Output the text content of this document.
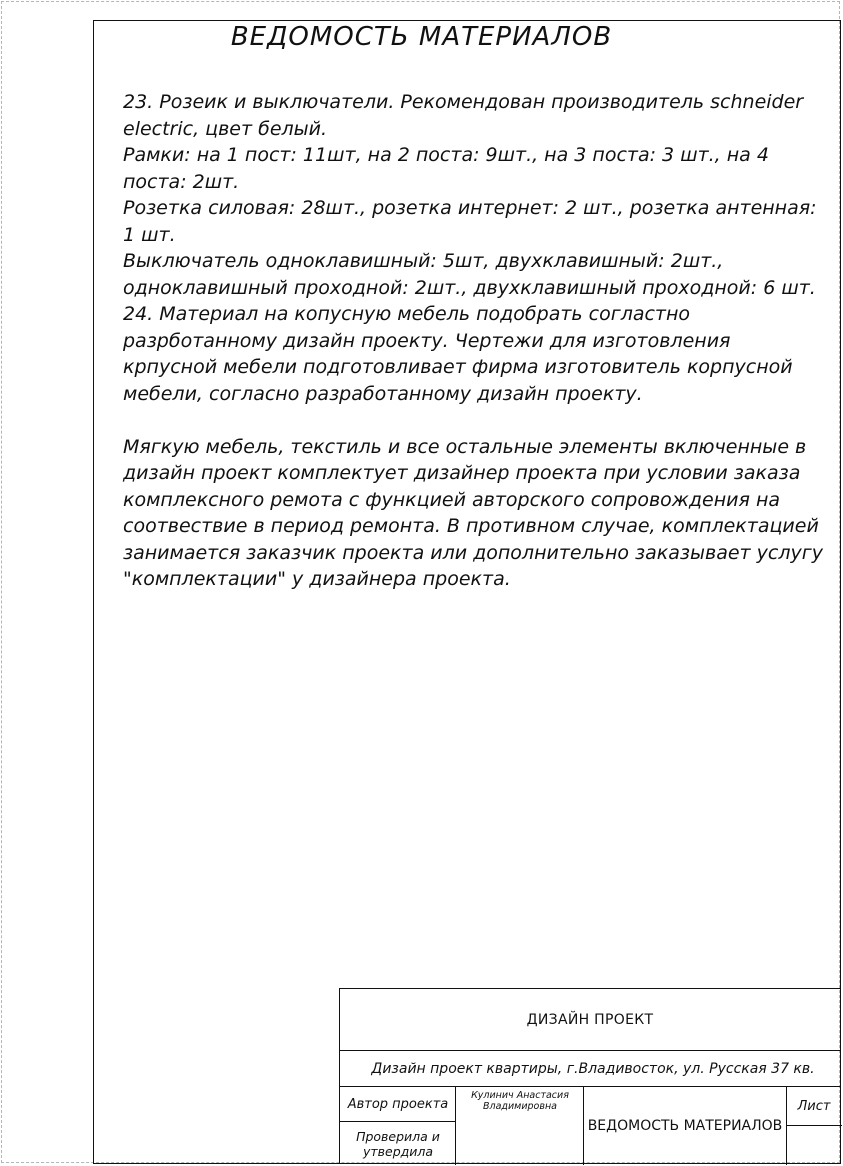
ВЕДОМОСТЬ МАТЕРИАЛОВ

23. Розеик и выключатели. Рекомендован производитель schneider electric, цвет белый.

Рамки: на 1 пост: 11шт, на 2 поста: 9шт., на 3 поста: 3 шт., на 4 поста: 2шт.

Розетка силовая: 28шт., розетка интернет: 2 шт., розетка антенная: 1 шт.

Выключатель одноклавишный: 5шт, двухклавишный: 2шт., одноклавишный проходной: 2шт., двухклавишный проходной: 6 шт.

24. Материал на копусную мебель подобрать согластно разрботанному дизайн проекту. Чертежи для изготовления крпусной мебели подготовливает фирма изготовитель корпусной мебели, согласно разработанному дизайн проекту.

Мягкую мебель, текстиль и все остальные элементы включенные в дизайн проект комплектует дизайнер проекта при условии заказа комплексного ремота с функцией авторского сопровождения на соотвествие в период ремонта. В противном случае, комплектацией занимается заказчик проекта или дополнительно заказывает услугу "комплектации" у дизайнера проекта.

ДИЗАЙН ПРОЕКТ
Дизайн проект квартиры, г.Владивосток, ул. Русская 37 кв.
Автор проекта
Кулинич Анастасия Владимировна
Проверила и утвердила
ВЕДОМОСТЬ МАТЕРИАЛОВ
Лист
